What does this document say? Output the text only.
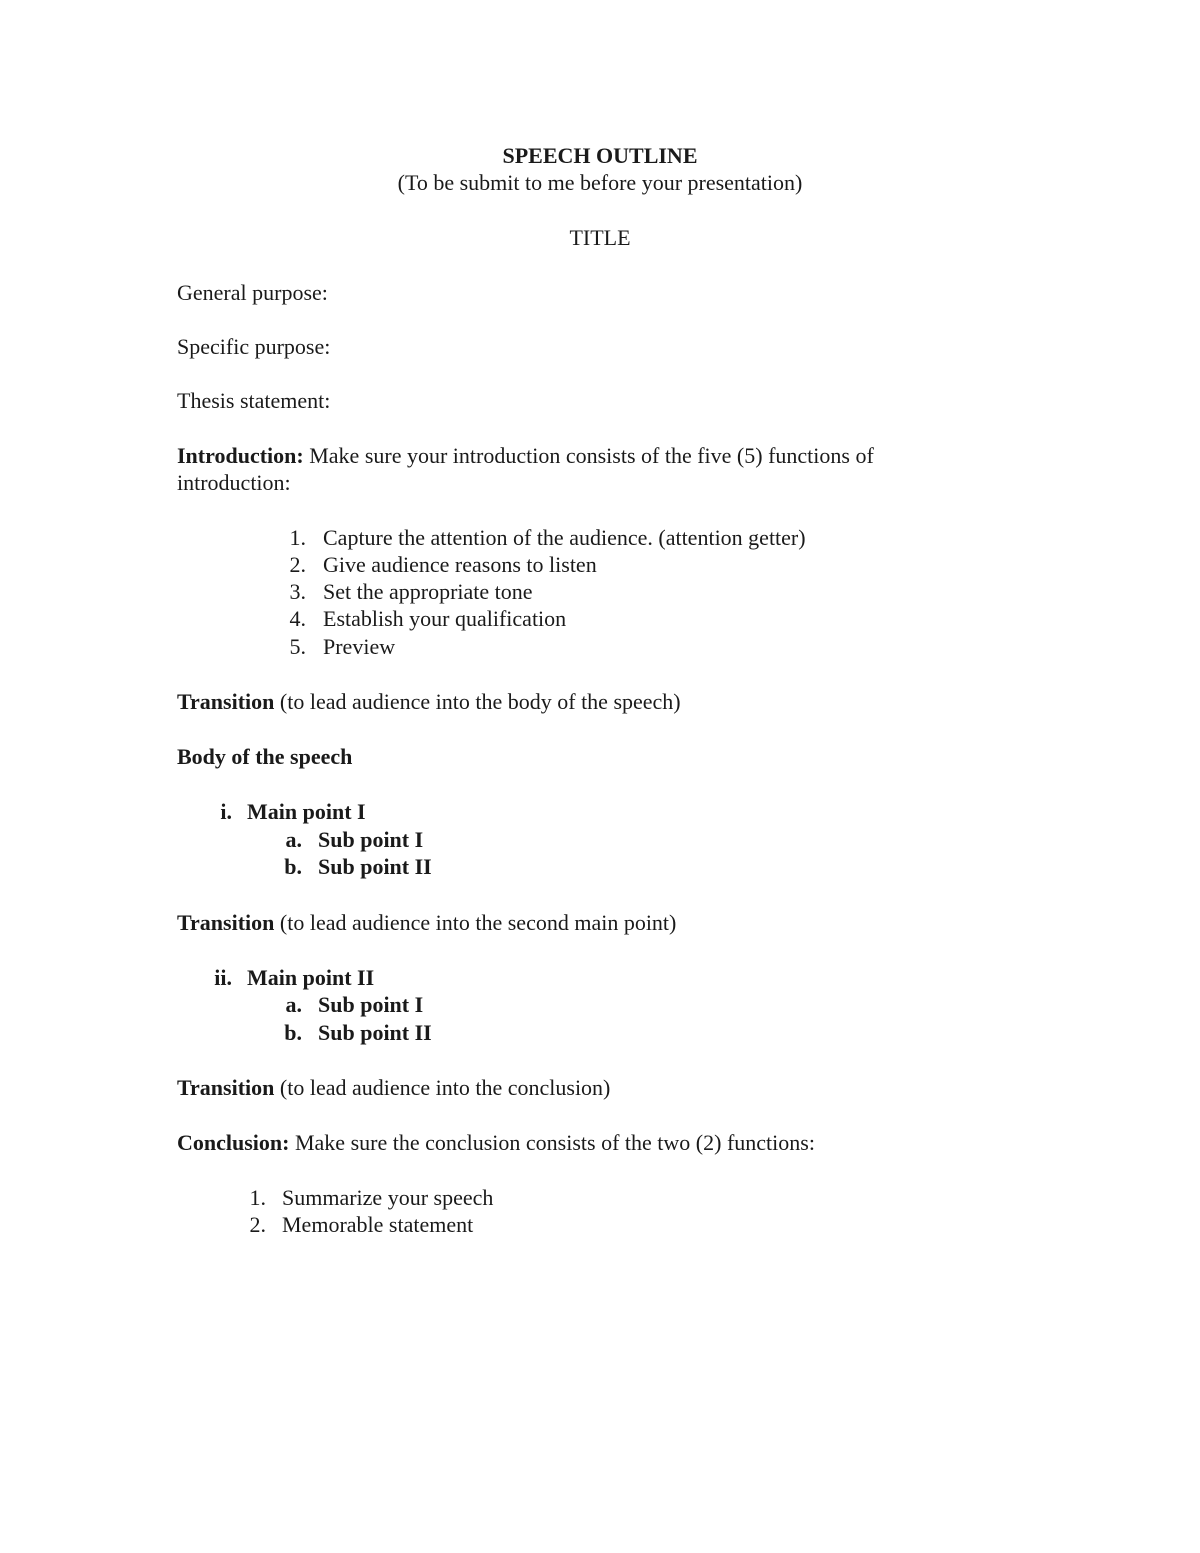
SPEECH OUTLINE
(To be submit to me before your presentation)
TITLE
General purpose:
Specific purpose:
Thesis statement:
Introduction: Make sure your introduction consists of the five (5) functions of
introduction:
1. Capture the attention of the audience. (attention getter)
2. Give audience reasons to listen
3. Set the appropriate tone
4. Establish your qualification
5. Preview
Transition (to lead audience into the body of the speech)
Body of the speech
i. Main point I
a. Sub point I
b. Sub point II
Transition (to lead audience into the second main point)
ii. Main point II
a. Sub point I
b. Sub point II
Transition (to lead audience into the conclusion)
Conclusion: Make sure the conclusion consists of the two (2) functions:
1. Summarize your speech
2. Memorable statement
